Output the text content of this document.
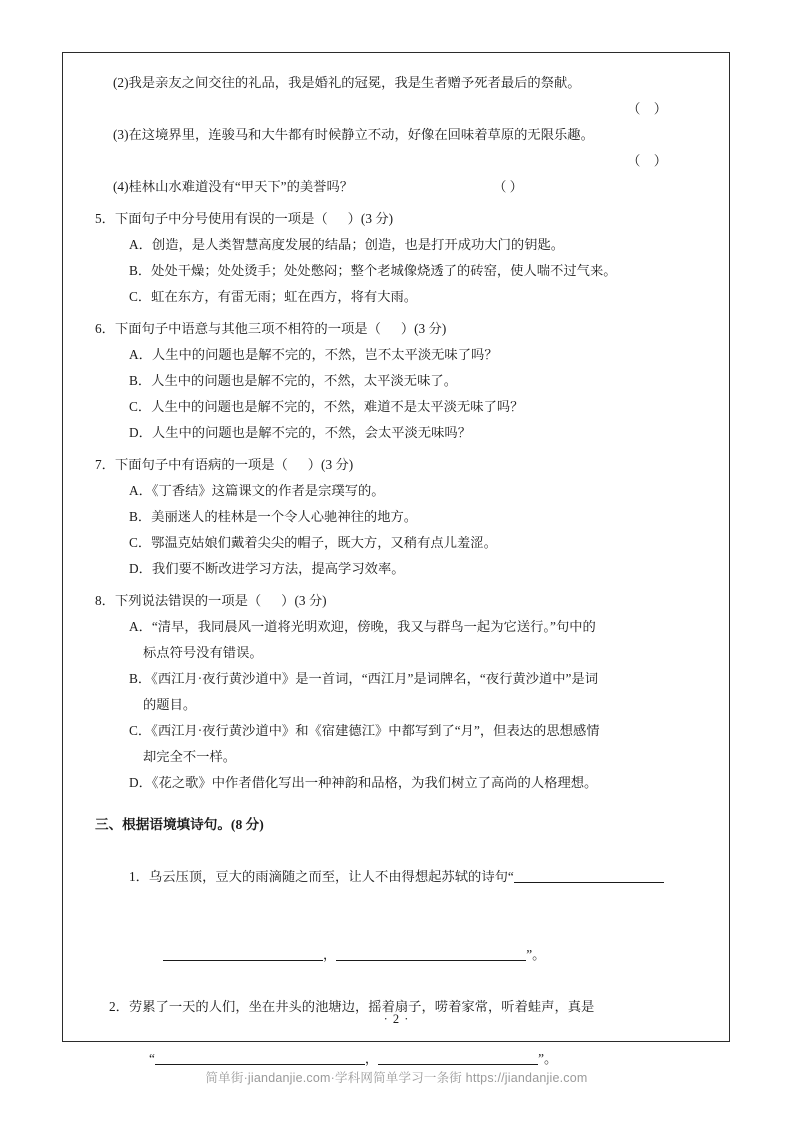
(2)我是亲友之间交往的礼品，我是婚礼的冠冕，我是生者赠予死者最后的祭献。

（    ）

(3)在这境界里，连骏马和大牛都有时候静立不动，好像在回味着草原的无限乐趣。

（    ）

(4)桂林山水难道没有“甲天下”的美誉吗？	（ ）

5．下面句子中分号使用有误的一项是（      ）(3 分)

A．创造，是人类智慧高度发展的结晶；创造，也是打开成功大门的钥匙。

B．处处干燥；处处烫手；处处憋闷；整个老城像烧透了的砖窑，使人喘不过气来。

C．虹在东方，有雷无雨；虹在西方，将有大雨。

6．下面句子中语意与其他三项不相符的一项是（      ）(3 分)

A．人生中的问题也是解不完的，不然，岂不太平淡无味了吗？

B．人生中的问题也是解不完的，不然，太平淡无味了。

C．人生中的问题也是解不完的，不然，难道不是太平淡无味了吗？

D．人生中的问题也是解不完的，不然，会太平淡无味吗？

7．下面句子中有语病的一项是（      ）(3 分)

A．《丁香结》这篇课文的作者是宗璞写的。

B．美丽迷人的桂林是一个令人心驰神往的地方。

C．鄂温克姑娘们戴着尖尖的帽子，既大方，又稍有点儿羞涩。

D．我们要不断改进学习方法，提高学习效率。

8．下列说法错误的一项是（      ）(3 分)

A．“清早，我同晨风一道将光明欢迎，傍晚，我又与群鸟一起为它送行。”句中的

标点符号没有错误。

B．《西江月·夜行黄沙道中》是一首词，“西江月”是词牌名，“夜行黄沙道中”是词

的题目。

C．《西江月·夜行黄沙道中》和《宿建德江》中都写到了“月”，但表达的思想感情

却完全不一样。

D．《花之歌》中作者借化写出一种神韵和品格，为我们树立了高尚的人格理想。

三、根据语境填诗句。(8 分)

1．乌云压顶，豆大的雨滴随之而至，让人不由得想起苏轼的诗句“

，	”。

2．劳累了一天的人们，坐在井头的池塘边，摇着扇子，唠着家常，听着蛙声，真是

“	，	”。

· 2 ·
简单街·jiandanjie.com·学科网简单学习一条街 https://jiandanjie.com
